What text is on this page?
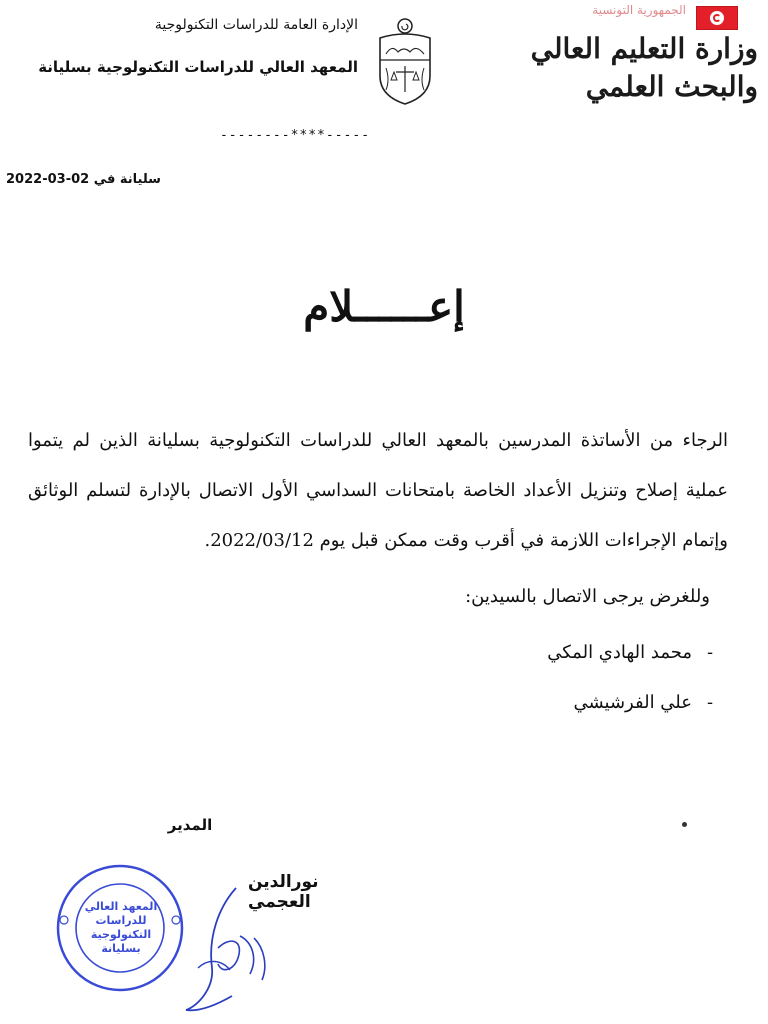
الجمهورية التونسية
وزارة التعليم العالي والبحث العلمي
الإدارة العامة للدراسات التكنولوجية
المعهد العالي للدراسات التكنولوجية بسليانة
--------****-----
سليانة في 02-03-2022
إعــــــلام
الرجاء من الأساتذة المدرسين بالمعهد العالي للدراسات التكنولوجية بسليانة الذين لم يتموا عملية إصلاح وتنزيل الأعداد الخاصة بامتحانات السداسي الأول الاتصال بالإدارة لتسلم الوثائق وإتمام الإجراءات اللازمة في أقرب وقت ممكن قبل يوم 2022/03/12.
وللغرض يرجى الاتصال بالسيدين:
-محمد الهادي المكي
-علي الفرشيشي
المدير
المعهد العالي للدراسات التكنولوجية بسليانة
نورالدين العجمي
